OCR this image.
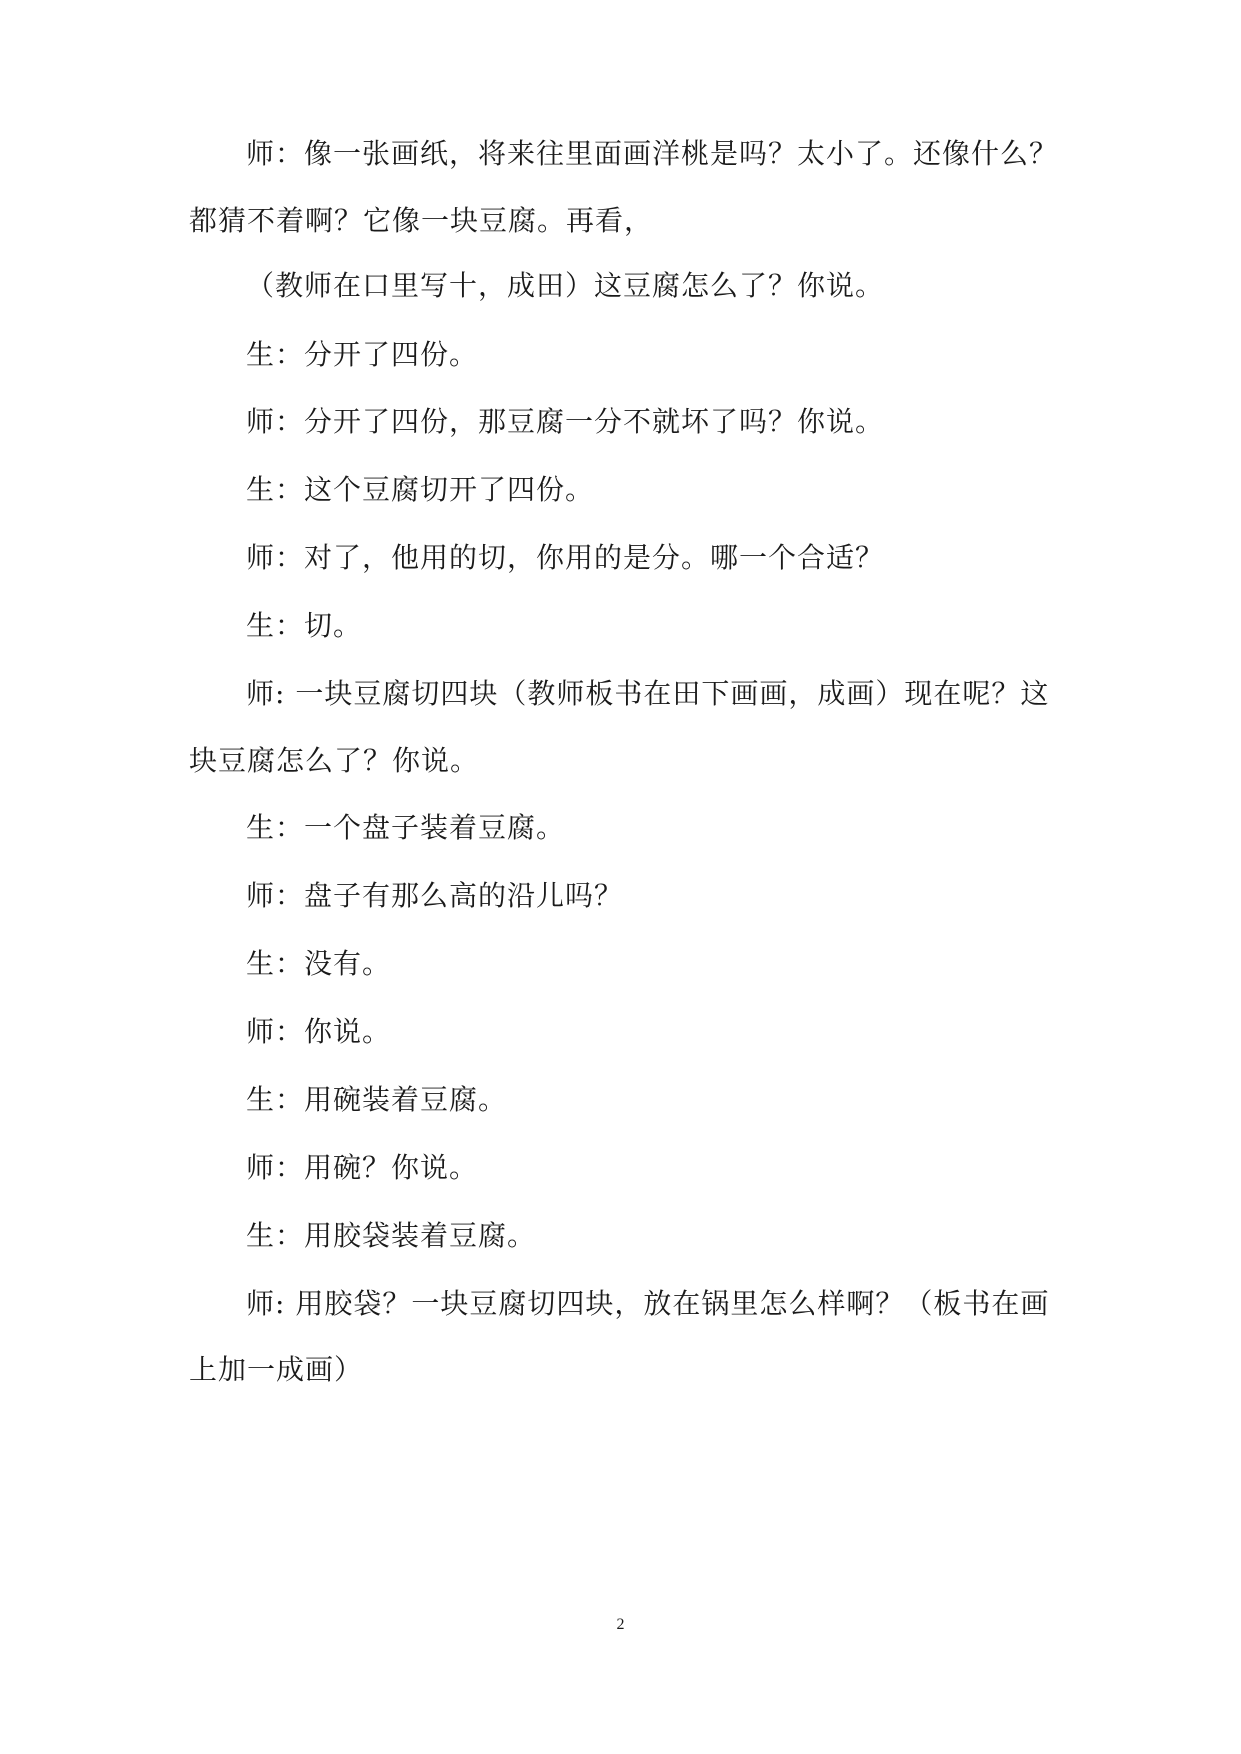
师：像一张画纸，将来往里面画洋桃是吗？太小了。还像什么？
都猜不着啊？它像一块豆腐。再看，
（教师在口里写十，成田）这豆腐怎么了？你说。
生：分开了四份。
师：分开了四份，那豆腐一分不就坏了吗？你说。
生：这个豆腐切开了四份。
师：对了，他用的切，你用的是分。哪一个合适？
生：切。
师: 一块豆腐切四块（教师板书在田下画画，成画）现在呢？这
块豆腐怎么了？你说。
生：一个盘子装着豆腐。
师：盘子有那么高的沿儿吗？
生：没有。
师：你说。
生：用碗装着豆腐。
师：用碗？你说。
生：用胶袋装着豆腐。
师: 用胶袋？一块豆腐切四块，放在锅里怎么样啊？（板书在画
上加一成画）
2
